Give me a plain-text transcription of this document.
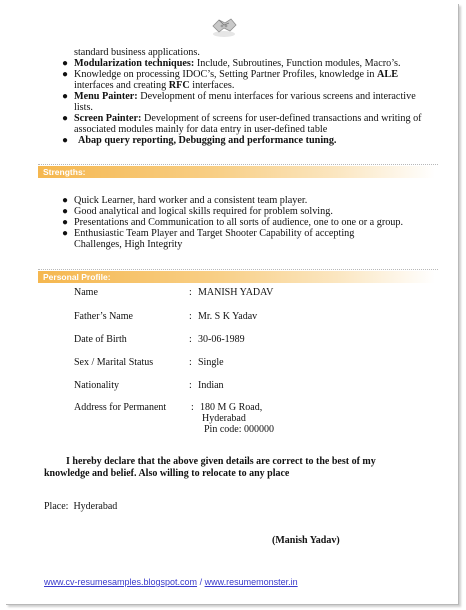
standard business applications.
● Modularization techniques: Include, Subroutines, Function modules, Macro’s.
● Knowledge on processing IDOC’s, Setting Partner Profiles, knowledge in ALE
interfaces and creating RFC interfaces.
● Menu Painter: Development of menu interfaces for various screens and interactive
lists.
● Screen Painter: Development of screens for user-defined transactions and writing of
associated modules mainly for data entry in user-defined table
● Abap query reporting, Debugging and performance tuning.
Strengths:
● Quick Learner, hard worker and a consistent team player.
● Good analytical and logical skills required for problem solving.
● Presentations and Communication to all sorts of audience, one to one or a group.
● Enthusiastic Team Player and Target Shooter Capability of accepting
Challenges, High Integrity
Personal Profile:
Name	: MANISH YADAV
Father’s Name	: Mr. S K Yadav
Date of Birth	: 30-06-1989
Sex / Marital Status	: Single
Nationality	: Indian
Address for Permanent : 180 M G Road,
Hyderabad
Pin code: 000000
I hereby declare that the above given details are correct to the best of my
knowledge and belief. Also willing to relocate to any place
Place: Hyderabad
(Manish Yadav)
www.cv-resumesamples.blogspot.com / www.resumemonster.in
